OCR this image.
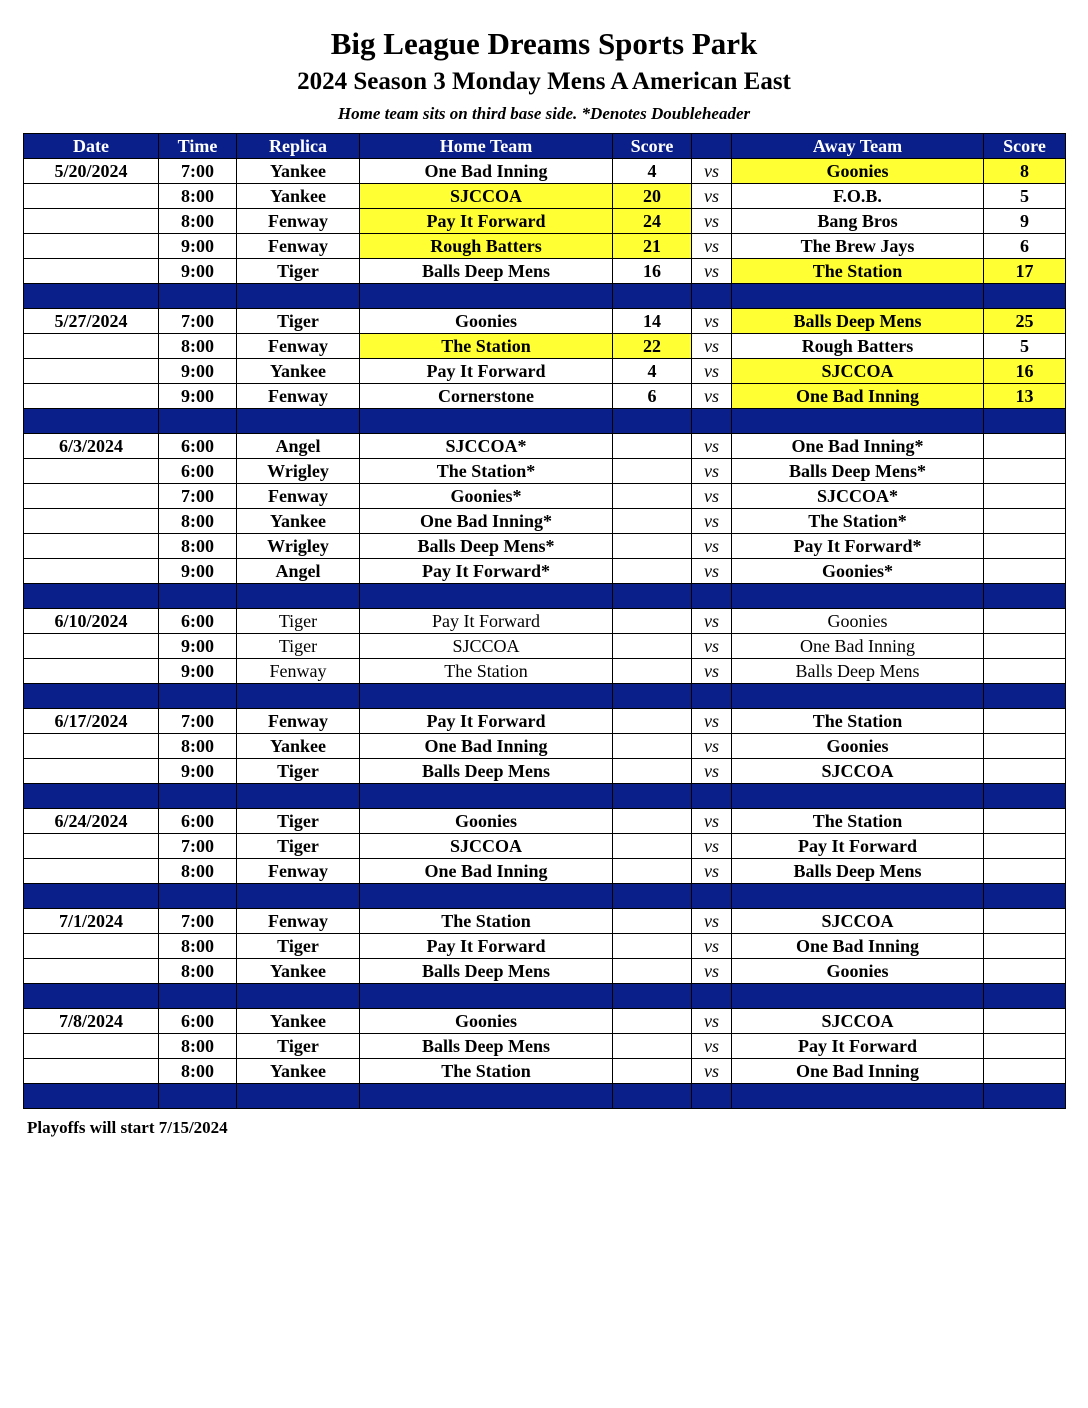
Big League Dreams Sports Park
2024 Season 3 Monday Mens A American East
Home team sits on third base side. *Denotes Doubleheader
Date	Time	Replica	Home Team	Score		Away Team	Score
5/20/2024	7:00	Yankee	One Bad Inning	4	vs	Goonies	8
	8:00	Yankee	SJCCOA	20	vs	F.O.B.	5
	8:00	Fenway	Pay It Forward	24	vs	Bang Bros	9
	9:00	Fenway	Rough Batters	21	vs	The Brew Jays	6
	9:00	Tiger	Balls Deep Mens	16	vs	The Station	17

5/27/2024	7:00	Tiger	Goonies	14	vs	Balls Deep Mens	25
	8:00	Fenway	The Station	22	vs	Rough Batters	5
	9:00	Yankee	Pay It Forward	4	vs	SJCCOA	16
	9:00	Fenway	Cornerstone	6	vs	One Bad Inning	13

6/3/2024	6:00	Angel	SJCCOA*		vs	One Bad Inning*	
	6:00	Wrigley	The Station*		vs	Balls Deep Mens*	
	7:00	Fenway	Goonies*		vs	SJCCOA*	
	8:00	Yankee	One Bad Inning*		vs	The Station*	
	8:00	Wrigley	Balls Deep Mens*		vs	Pay It Forward*	
	9:00	Angel	Pay It Forward*		vs	Goonies*	

6/10/2024	6:00	Tiger	Pay It Forward		vs	Goonies	
	9:00	Tiger	SJCCOA		vs	One Bad Inning	
	9:00	Fenway	The Station		vs	Balls Deep Mens	

6/17/2024	7:00	Fenway	Pay It Forward		vs	The Station	
	8:00	Yankee	One Bad Inning		vs	Goonies	
	9:00	Tiger	Balls Deep Mens		vs	SJCCOA	

6/24/2024	6:00	Tiger	Goonies		vs	The Station	
	7:00	Tiger	SJCCOA		vs	Pay It Forward	
	8:00	Fenway	One Bad Inning		vs	Balls Deep Mens	

7/1/2024	7:00	Fenway	The Station		vs	SJCCOA	
	8:00	Tiger	Pay It Forward		vs	One Bad Inning	
	8:00	Yankee	Balls Deep Mens		vs	Goonies	

7/8/2024	6:00	Yankee	Goonies		vs	SJCCOA	
	8:00	Tiger	Balls Deep Mens		vs	Pay It Forward	
	8:00	Yankee	The Station		vs	One Bad Inning	

Playoffs will start 7/15/2024
